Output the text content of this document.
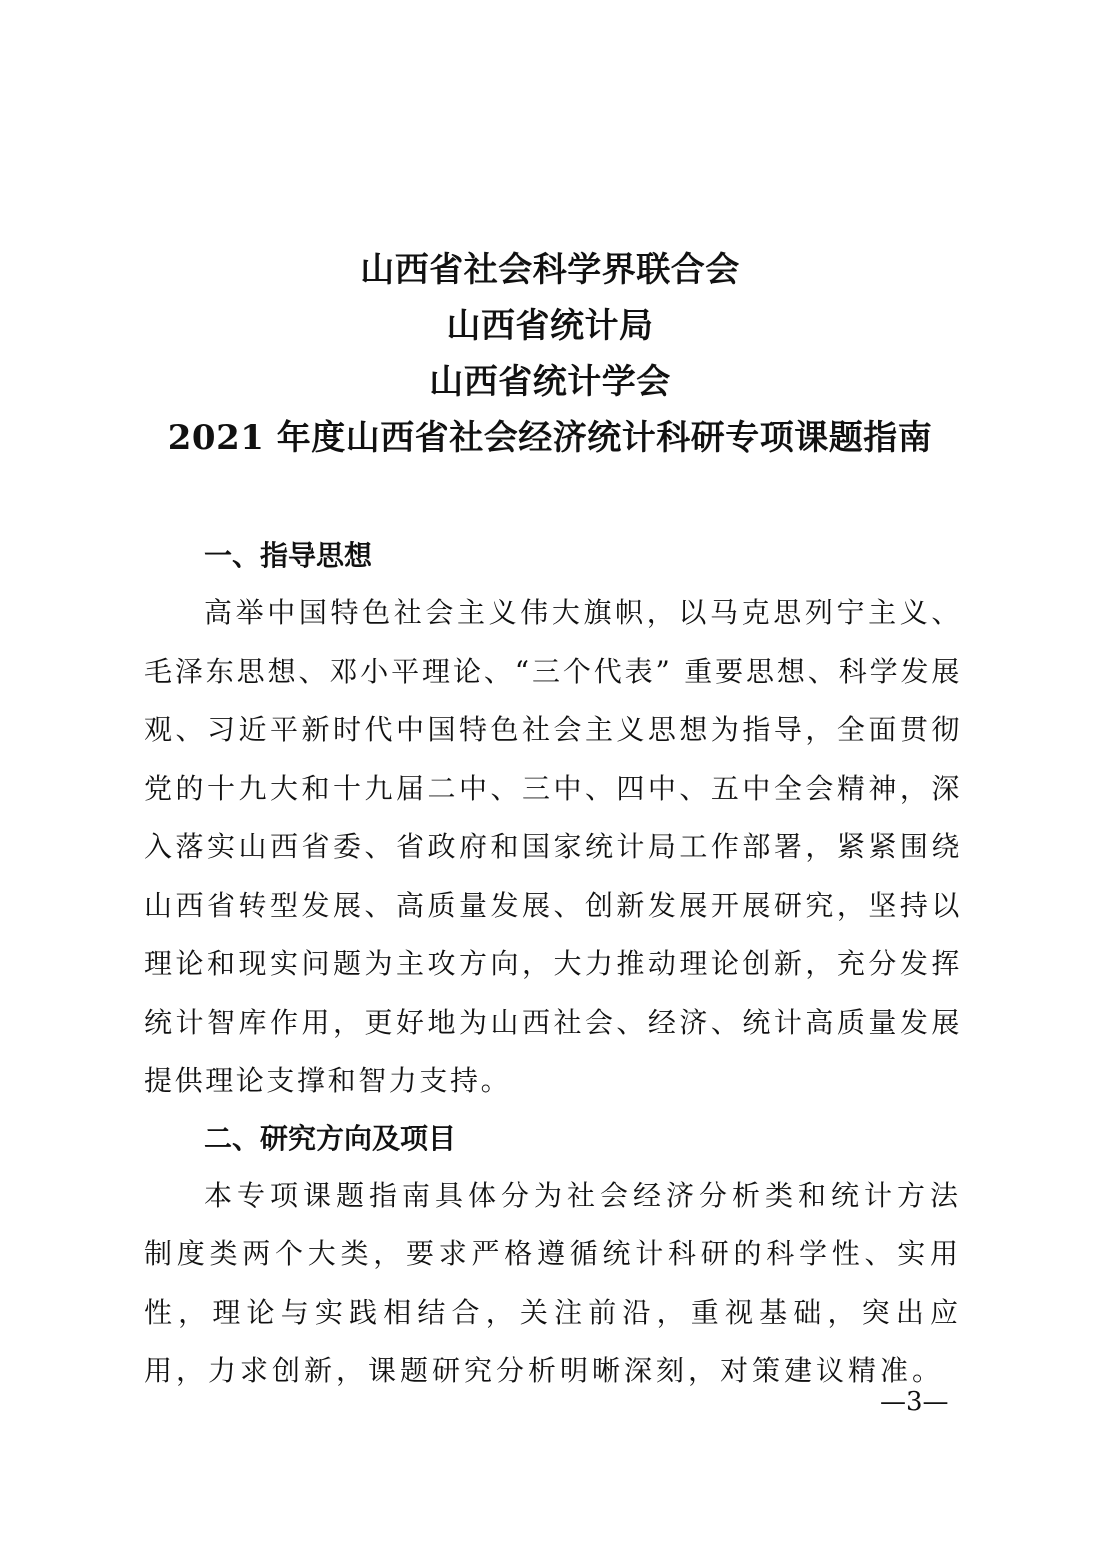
山西省社会科学界联合会

山西省统计局

山西省统计学会

2021 年度山西省社会经济统计科研专项课题指南

一、指导思想

高举中国特色社会主义伟大旗帜，以马克思列宁主义、毛泽东思想、邓小平理论、“三个代表” 重要思想、科学发展观、习近平新时代中国特色社会主义思想为指导，全面贯彻党的十九大和十九届二中、三中、四中、五中全会精神，深入落实山西省委、省政府和国家统计局工作部署，紧紧围绕山西省转型发展、高质量发展、创新发展开展研究，坚持以理论和现实问题为主攻方向，大力推动理论创新，充分发挥统计智库作用，更好地为山西社会、经济、统计高质量发展提供理论支撑和智力支持。

二、研究方向及项目

本专项课题指南具体分为社会经济分析类和统计方法制度类两个大类，要求严格遵循统计科研的科学性、实用性，理论与实践相结合，关注前沿，重视基础，突出应用，力求创新，课题研究分析明晰深刻，对策建议精准。

—3—
